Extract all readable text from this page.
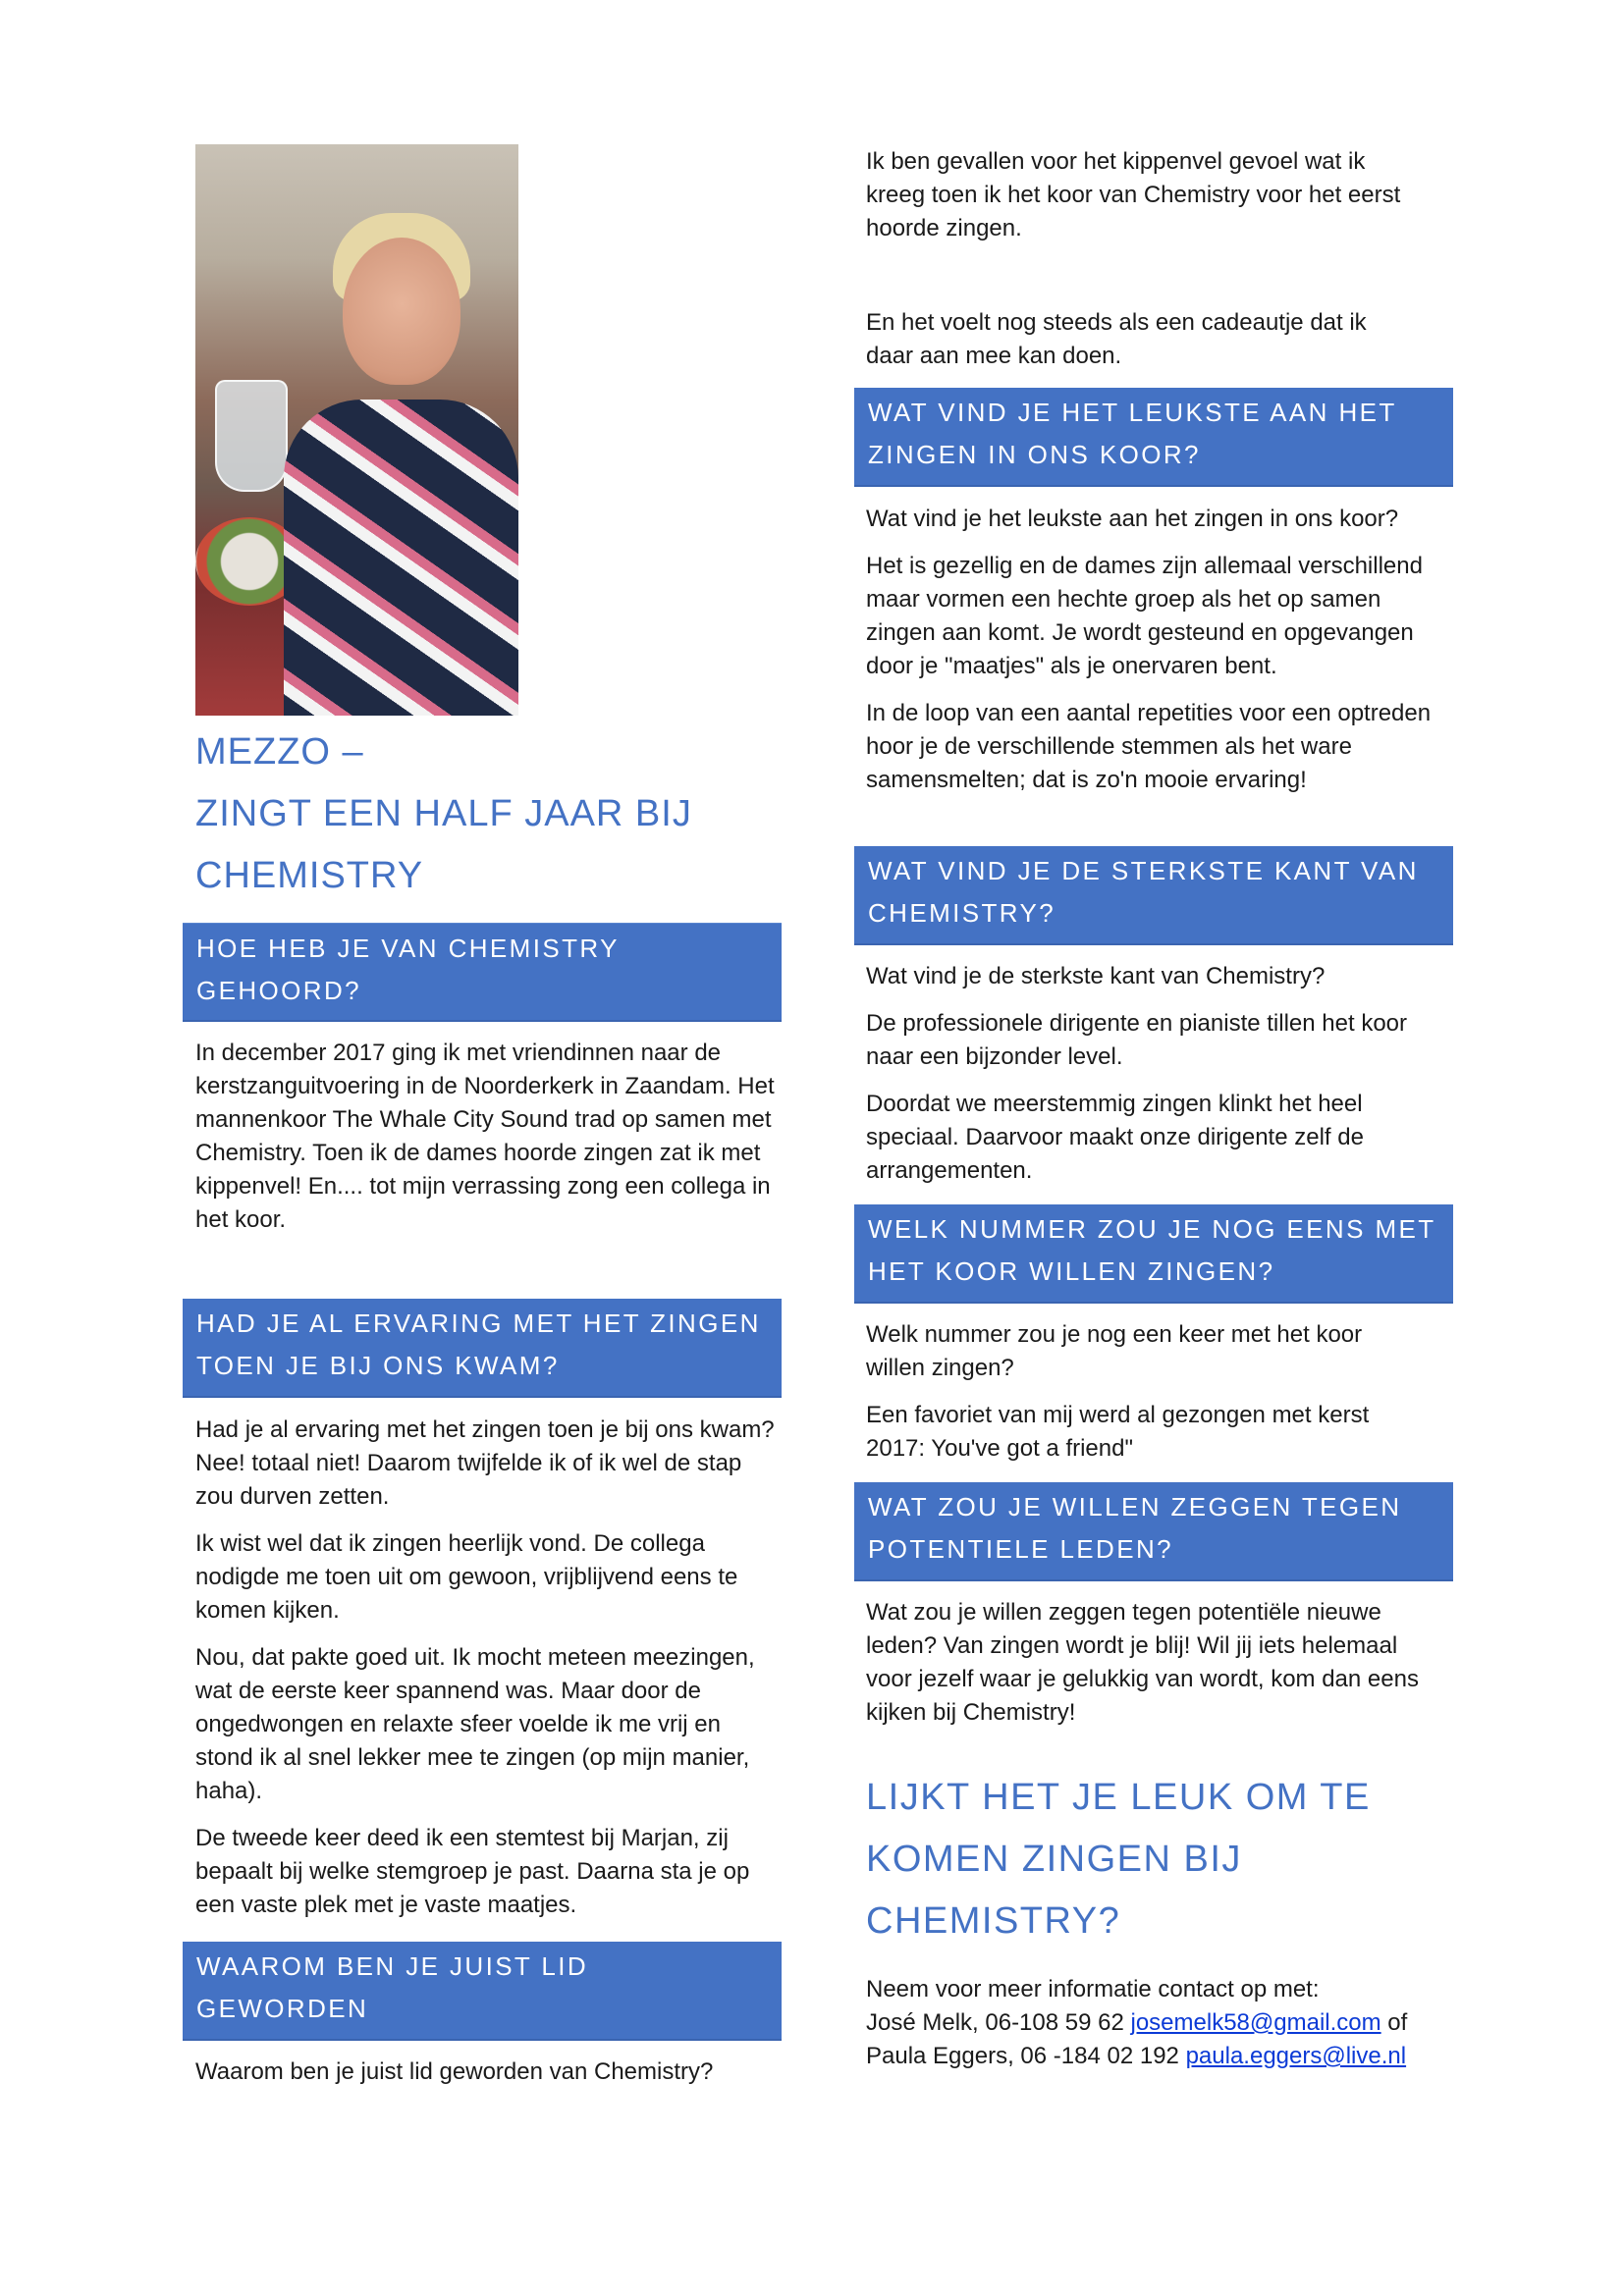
MEZZO –
ZINGT EEN HALF JAAR BIJ
CHEMISTRY
HOE HEB JE VAN CHEMISTRY GEHOORD?

In december 2017 ging ik met vriendinnen naar de kerstzanguitvoering in de Noorderkerk in Zaandam. Het mannenkoor The Whale City Sound trad op samen met Chemistry. Toen ik de dames hoorde zingen zat ik met kippenvel! En.... tot mijn verrassing zong een collega in het koor.

HAD JE AL ERVARING MET HET ZINGEN
TOEN JE BIJ ONS KWAM?

Had je al ervaring met het zingen toen je bij ons kwam? Nee! totaal niet! Daarom twijfelde ik of ik wel de stap zou durven zetten.

Ik wist wel dat ik zingen heerlijk vond. De collega nodigde me toen uit om gewoon, vrijblijvend eens te komen kijken.

Nou, dat pakte goed uit. Ik mocht meteen meezingen, wat de eerste keer spannend was. Maar door de ongedwongen en relaxte sfeer voelde ik me vrij en stond ik al snel lekker mee te zingen (op mijn manier, haha).

De tweede keer deed ik een stemtest bij Marjan, zij bepaalt bij welke stemgroep je past. Daarna sta je op een vaste plek met je vaste maatjes.

WAAROM BEN JE JUIST LID GEWORDEN
VAN CHEMISTRY?

Waarom ben je juist lid geworden van Chemistry?

Ik ben gevallen voor het kippenvel gevoel wat ik kreeg toen ik het koor van Chemistry voor het eerst hoorde zingen.

En het voelt nog steeds als een cadeautje dat ik daar aan mee kan doen.

WAT VIND JE HET LEUKSTE AAN HET
ZINGEN IN ONS KOOR?

Wat vind je het leukste aan het zingen in ons koor?

Het is gezellig en de dames zijn allemaal verschillend maar vormen een hechte groep als het op samen zingen aan komt. Je wordt gesteund en opgevangen door je "maatjes" als je onervaren bent.

In de loop van een aantal repetities voor een optreden hoor je de verschillende stemmen als het ware samensmelten; dat is zo'n mooie ervaring!

WAT VIND JE DE STERKSTE KANT VAN
CHEMISTRY?

Wat vind je de sterkste kant van Chemistry?

De professionele dirigente en pianiste tillen het koor naar een bijzonder level.

Doordat we meerstemmig zingen klinkt het heel speciaal. Daarvoor maakt onze dirigente zelf de arrangementen.

WELK NUMMER ZOU JE NOG EENS MET
HET KOOR WILLEN ZINGEN?

Welk nummer zou je nog een keer met het koor willen zingen?

Een favoriet van mij werd al gezongen met kerst 2017: You've got a friend"

WAT ZOU JE WILLEN ZEGGEN TEGEN
POTENTIELE LEDEN?

Wat zou je willen zeggen tegen potentiële nieuwe leden? Van zingen wordt je blij! Wil jij iets helemaal voor jezelf waar je gelukkig van wordt, kom dan eens kijken bij Chemistry!

LIJKT HET JE LEUK OM TE
KOMEN ZINGEN BIJ
CHEMISTRY?
Neem voor meer informatie contact op met:
José Melk, 06-108 59 62 josemelk58@gmail.com of
Paula Eggers, 06 -184 02 192 paula.eggers@live.nl
